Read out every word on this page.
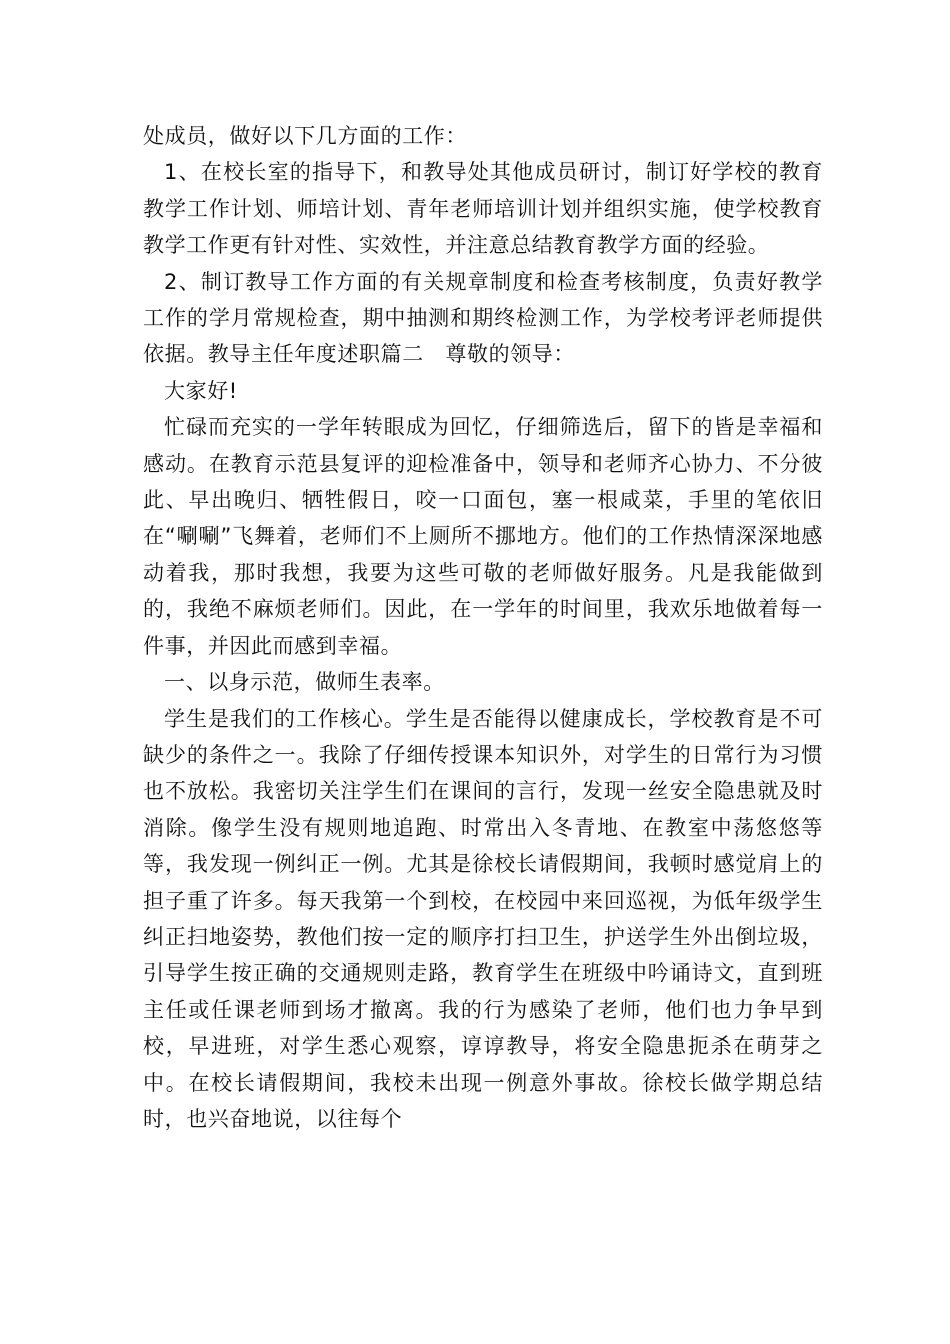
处成员，做好以下几方面的工作：

1、在校长室的指导下，和教导处其他成员研讨，制订好学校的教育教学工作计划、师培计划、青年老师培训计划并组织实施，使学校教育教学工作更有针对性、实效性，并注意总结教育教学方面的经验。

2、制订教导工作方面的有关规章制度和检查考核制度，负责好教学工作的学月常规检查，期中抽测和期终检测工作，为学校考评老师提供依据。教导主任年度述职篇二　尊敬的领导：

大家好!

忙碌而充实的一学年转眼成为回忆，仔细筛选后，留下的皆是幸福和感动。在教育示范县复评的迎检准备中，领导和老师齐心协力、不分彼此、早出晚归、牺牲假日，咬一口面包，塞一根咸菜，手里的笔依旧在“唰唰”飞舞着，老师们不上厕所不挪地方。他们的工作热情深深地感动着我，那时我想，我要为这些可敬的老师做好服务。凡是我能做到的，我绝不麻烦老师们。因此，在一学年的时间里，我欢乐地做着每一件事，并因此而感到幸福。

一、以身示范，做师生表率。

学生是我们的工作核心。学生是否能得以健康成长，学校教育是不可缺少的条件之一。我除了仔细传授课本知识外，对学生的日常行为习惯也不放松。我密切关注学生们在课间的言行，发现一丝安全隐患就及时消除。像学生没有规则地追跑、时常出入冬青地、在教室中荡悠悠等等，我发现一例纠正一例。尤其是徐校长请假期间，我顿时感觉肩上的担子重了许多。每天我第一个到校，在校园中来回巡视，为低年级学生纠正扫地姿势，教他们按一定的顺序打扫卫生，护送学生外出倒垃圾，引导学生按正确的交通规则走路，教育学生在班级中吟诵诗文，直到班主任或任课老师到场才撤离。我的行为感染了老师，他们也力争早到校，早进班，对学生悉心观察，谆谆教导，将安全隐患扼杀在萌芽之中。在校长请假期间，我校未出现一例意外事故。徐校长做学期总结时，也兴奋地说，以往每个
